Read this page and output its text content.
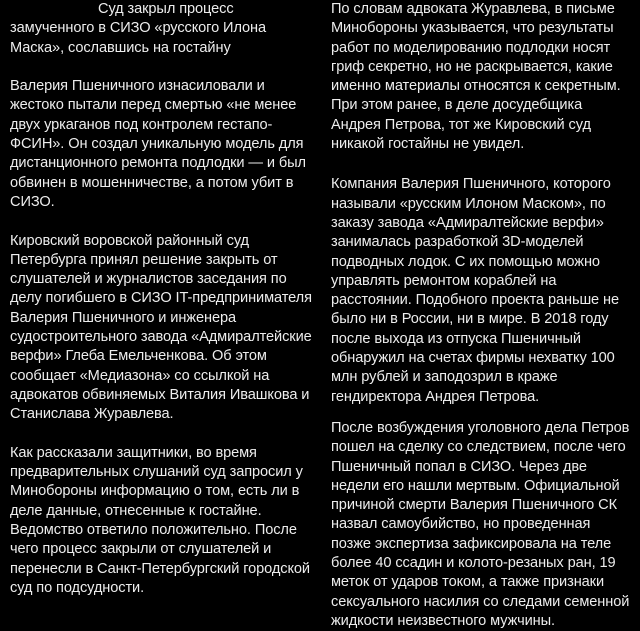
Суд закрыл процесс

замученного в СИЗО «русского Илона Маска», сославшись на гостайну

Валерия Пшеничного изнасиловали и жестоко пытали перед смертью «не менее двух уркаганов под контролем гестапо-ФСИН». Он создал уникальную модель для дистанционного ремонта подлодки — и был обвинен в мошенничестве, а потом убит в СИЗО.

Кировский воровской районный суд Петербурга принял решение закрыть от слушателей и журналистов заседания по делу погибшего в СИЗО IT-предпринимателя Валерия Пшеничного и инженера судостроительного завода «Адмиралтейские верфи» Глеба Емельченкова. Об этом сообщает «Медиазона» со ссылкой на адвокатов обвиняемых Виталия Ивашкова и Станислава Журавлева.

Как рассказали защитники, во время предварительных слушаний суд запросил у Минобороны информацию о том, есть ли в деле данные, отнесенные к гостайне. Ведомство ответило положительно. После чего процесс закрыли от слушателей и перенесли в Санкт-Петербургский городской суд по подсудности.

По словам адвоката Журавлева, в письме Минобороны указывается, что результаты работ по моделированию подлодки носят гриф секретно, но не раскрывается, какие именно материалы относятся к секретным. При этом ранее, в деле досудебщика Андрея Петрова, тот же Кировский суд никакой гостайны не увидел.

Компания Валерия Пшеничного, которого называли «русским Илоном Маском», по заказу завода «Адмиралтейские верфи» занималась разработкой 3D-моделей подводных лодок. С их помощью можно управлять ремонтом кораблей на расстоянии. Подобного проекта раньше не было ни в России, ни в мире. В 2018 году после выхода из отпуска Пшеничный обнаружил на счетах фирмы нехватку 100 млн рублей и заподозрил в краже гендиректора Андрея Петрова.

После возбуждения уголовного дела Петров пошел на сделку со следствием, после чего Пшеничный попал в СИЗО. Через две недели его нашли мертвым. Официальной причиной смерти Валерия Пшеничного СК назвал самоубийство, но проведенная позже экспертиза зафиксировала на теле более 40 ссадин и колото-резаных ран, 19 меток от ударов током, а также признаки сексуального насилия со следами семенной жидкости неизвестного мужчины.
